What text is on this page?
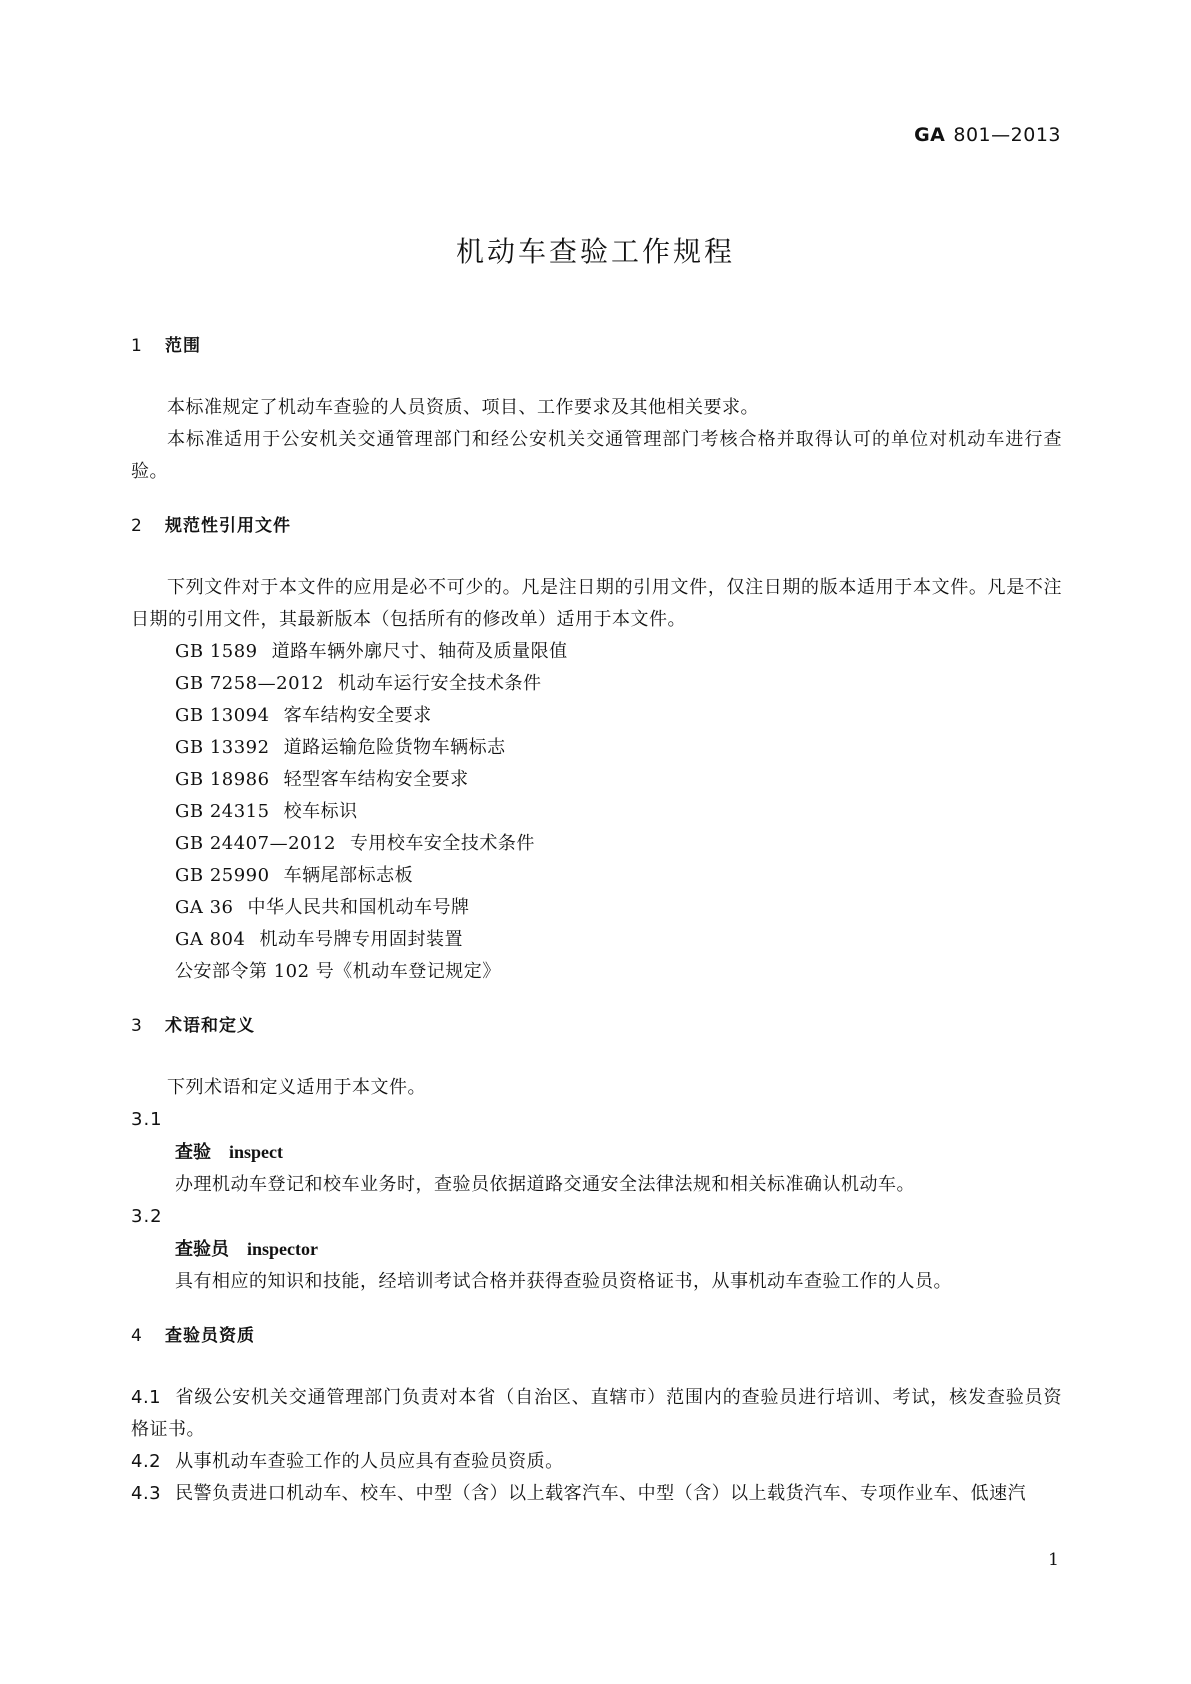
GA 801—2013
机动车查验工作规程
1 范围

本标准规定了机动车查验的人员资质、项目、工作要求及其他相关要求。

本标准适用于公安机关交通管理部门和经公安机关交通管理部门考核合格并取得认可的单位对机动车进行查验。

2 规范性引用文件

下列文件对于本文件的应用是必不可少的。凡是注日期的引用文件，仅注日期的版本适用于本文件。凡是不注日期的引用文件，其最新版本（包括所有的修改单）适用于本文件。

GB 1589 道路车辆外廓尺寸、轴荷及质量限值
GB 7258—2012 机动车运行安全技术条件
GB 13094 客车结构安全要求
GB 13392 道路运输危险货物车辆标志
GB 18986 轻型客车结构安全要求
GB 24315 校车标识
GB 24407—2012 专用校车安全技术条件
GB 25990 车辆尾部标志板
GA 36 中华人民共和国机动车号牌
GA 804 机动车号牌专用固封装置
公安部令第 102 号《机动车登记规定》
3 术语和定义

下列术语和定义适用于本文件。

3.1
查验 inspect
办理机动车登记和校车业务时，查验员依据道路交通安全法律法规和相关标准确认机动车。
3.2
查验员 inspector
具有相应的知识和技能，经培训考试合格并获得查验员资格证书，从事机动车查验工作的人员。
4 查验员资质
4.1 省级公安机关交通管理部门负责对本省（自治区、直辖市）范围内的查验员进行培训、考试，核发查验员资格证书。
4.2 从事机动车查验工作的人员应具有查验员资质。
4.3 民警负责进口机动车、校车、中型（含）以上载客汽车、中型（含）以上载货汽车、专项作业车、低速汽
1
